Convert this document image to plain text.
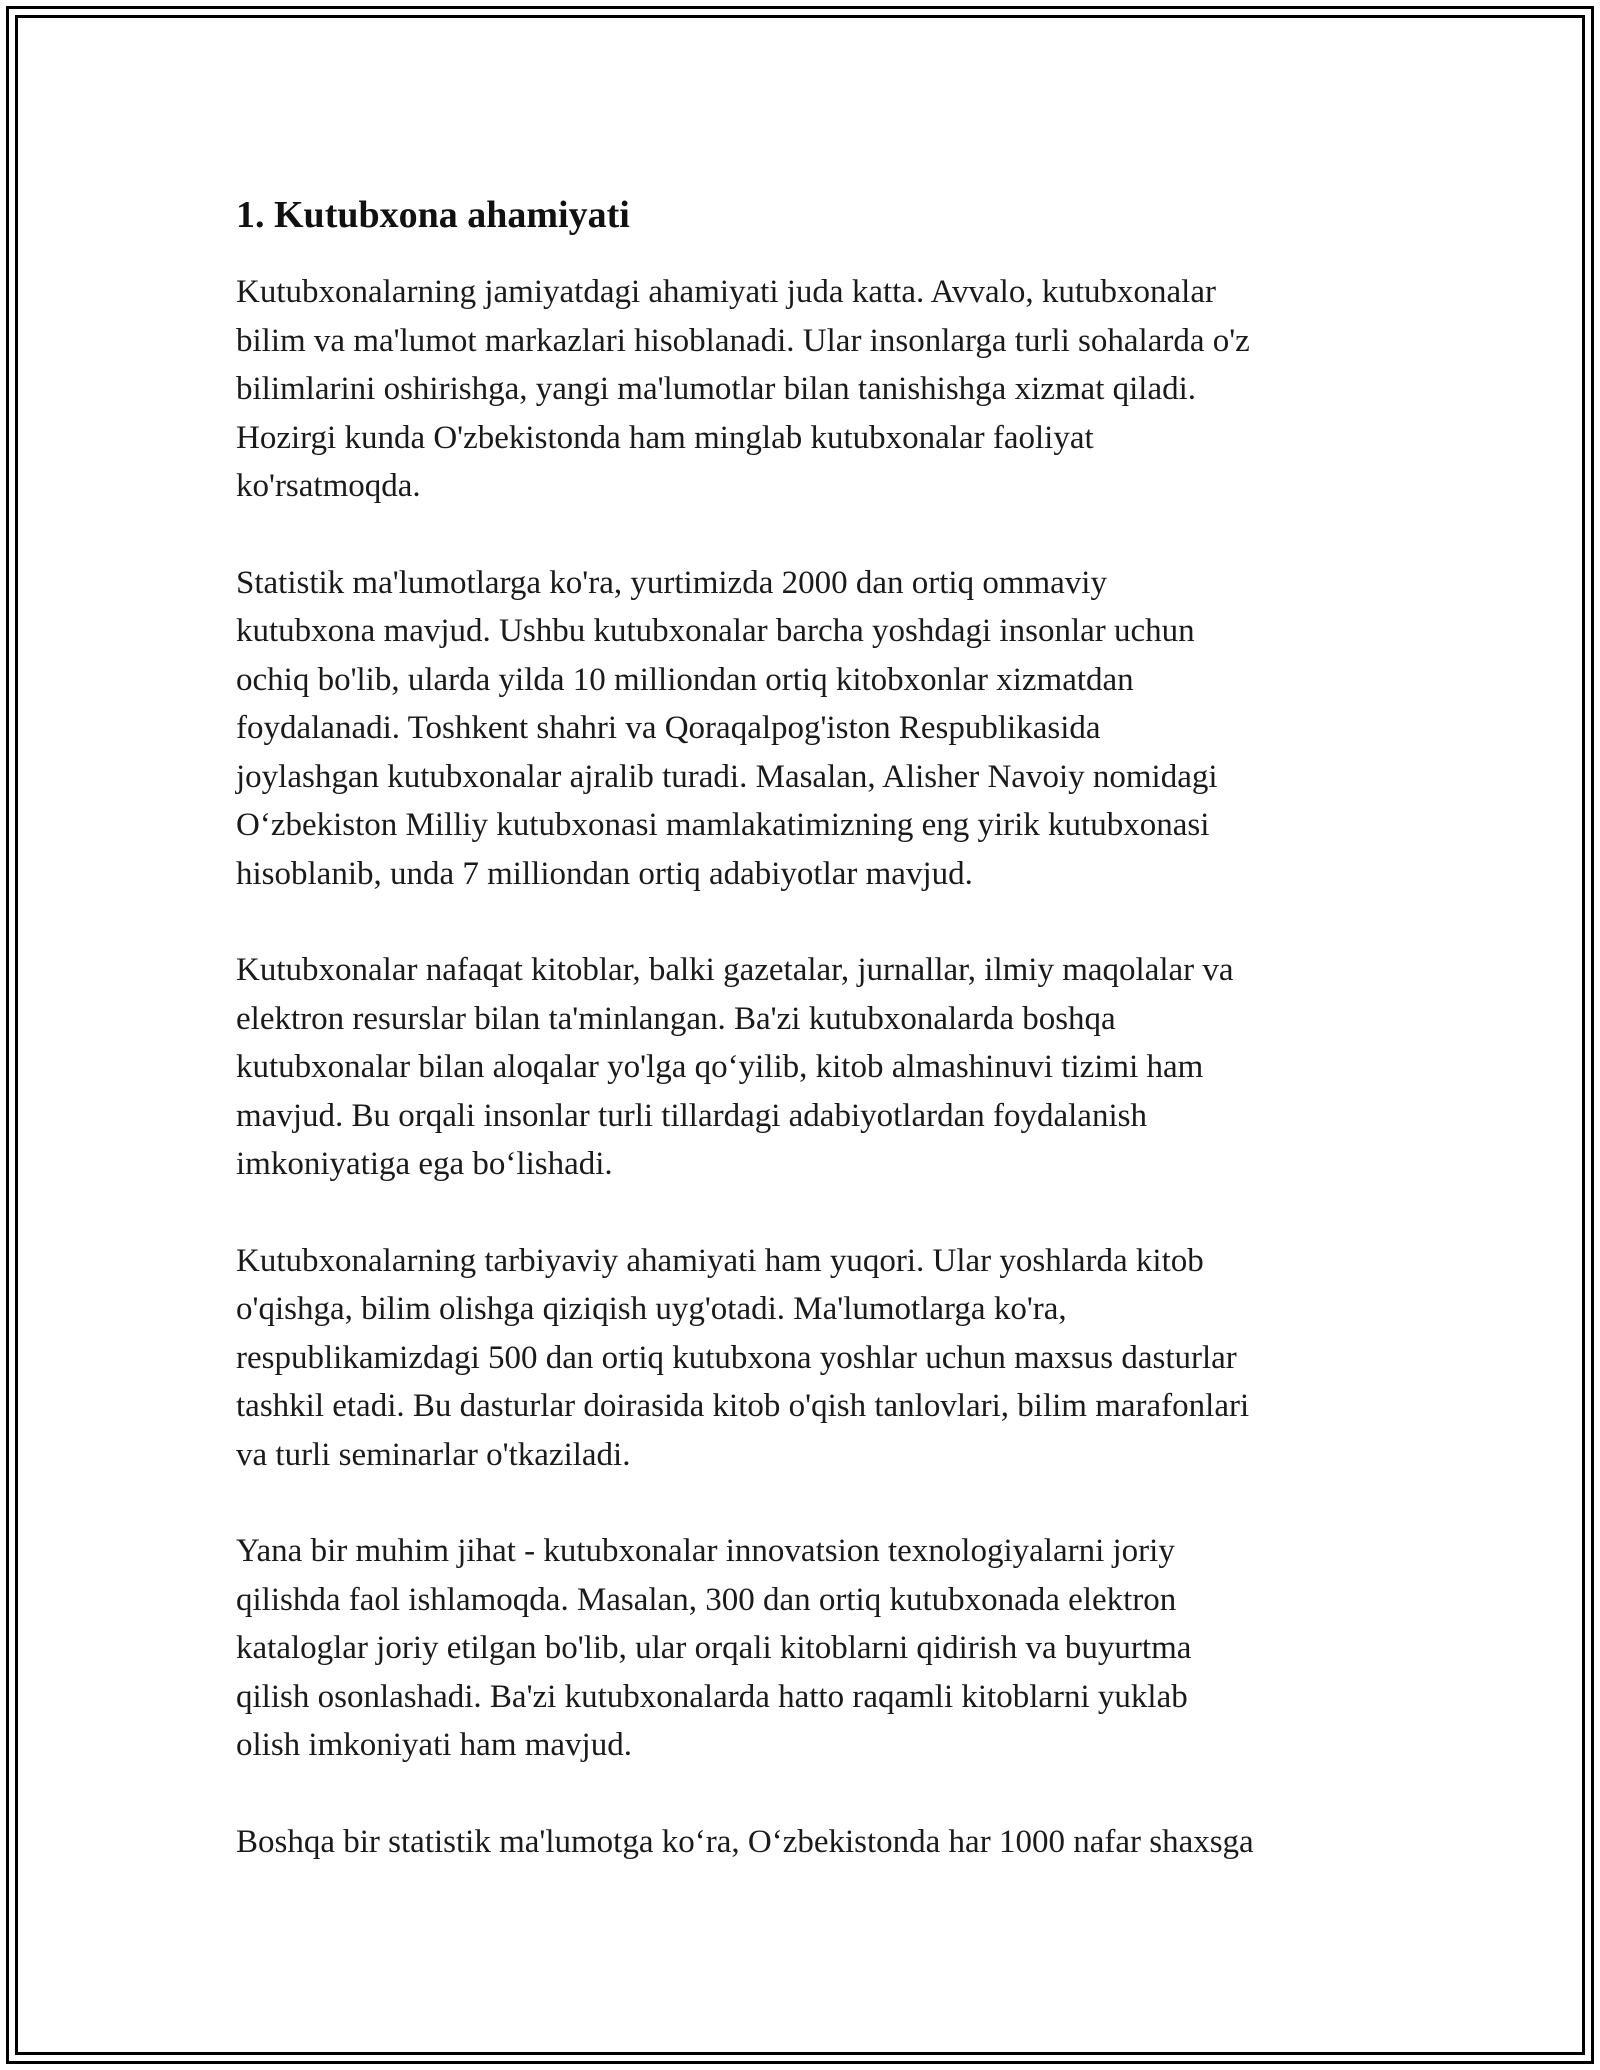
1. Kutubxona ahamiyati
Kutubxonalarning jamiyatdagi ahamiyati juda katta. Avvalo, kutubxonalar
bilim va ma'lumot markazlari hisoblanadi. Ular insonlarga turli sohalarda o'z
bilimlarini oshirishga, yangi ma'lumotlar bilan tanishishga xizmat qiladi.
Hozirgi kunda O'zbekistonda ham minglab kutubxonalar faoliyat
ko'rsatmoqda.
Statistik ma'lumotlarga ko'ra, yurtimizda 2000 dan ortiq ommaviy
kutubxona mavjud. Ushbu kutubxonalar barcha yoshdagi insonlar uchun
ochiq bo'lib, ularda yilda 10 milliondan ortiq kitobxonlar xizmatdan
foydalanadi. Toshkent shahri va Qoraqalpog'iston Respublikasida
joylashgan kutubxonalar ajralib turadi. Masalan, Alisher Navoiy nomidagi
O‘zbekiston Milliy kutubxonasi mamlakatimizning eng yirik kutubxonasi
hisoblanib, unda 7 milliondan ortiq adabiyotlar mavjud.
Kutubxonalar nafaqat kitoblar, balki gazetalar, jurnallar, ilmiy maqolalar va
elektron resurslar bilan ta'minlangan. Ba'zi kutubxonalarda boshqa
kutubxonalar bilan aloqalar yo'lga qo‘yilib, kitob almashinuvi tizimi ham
mavjud. Bu orqali insonlar turli tillardagi adabiyotlardan foydalanish
imkoniyatiga ega bo‘lishadi.
Kutubxonalarning tarbiyaviy ahamiyati ham yuqori. Ular yoshlarda kitob
o'qishga, bilim olishga qiziqish uyg'otadi. Ma'lumotlarga ko'ra,
respublikamizdagi 500 dan ortiq kutubxona yoshlar uchun maxsus dasturlar
tashkil etadi. Bu dasturlar doirasida kitob o'qish tanlovlari, bilim marafonlari
va turli seminarlar o'tkaziladi.
Yana bir muhim jihat - kutubxonalar innovatsion texnologiyalarni joriy
qilishda faol ishlamoqda. Masalan, 300 dan ortiq kutubxonada elektron
kataloglar joriy etilgan bo'lib, ular orqali kitoblarni qidirish va buyurtma
qilish osonlashadi. Ba'zi kutubxonalarda hatto raqamli kitoblarni yuklab
olish imkoniyati ham mavjud.
Boshqa bir statistik ma'lumotga ko‘ra, O‘zbekistonda har 1000 nafar shaxsga
